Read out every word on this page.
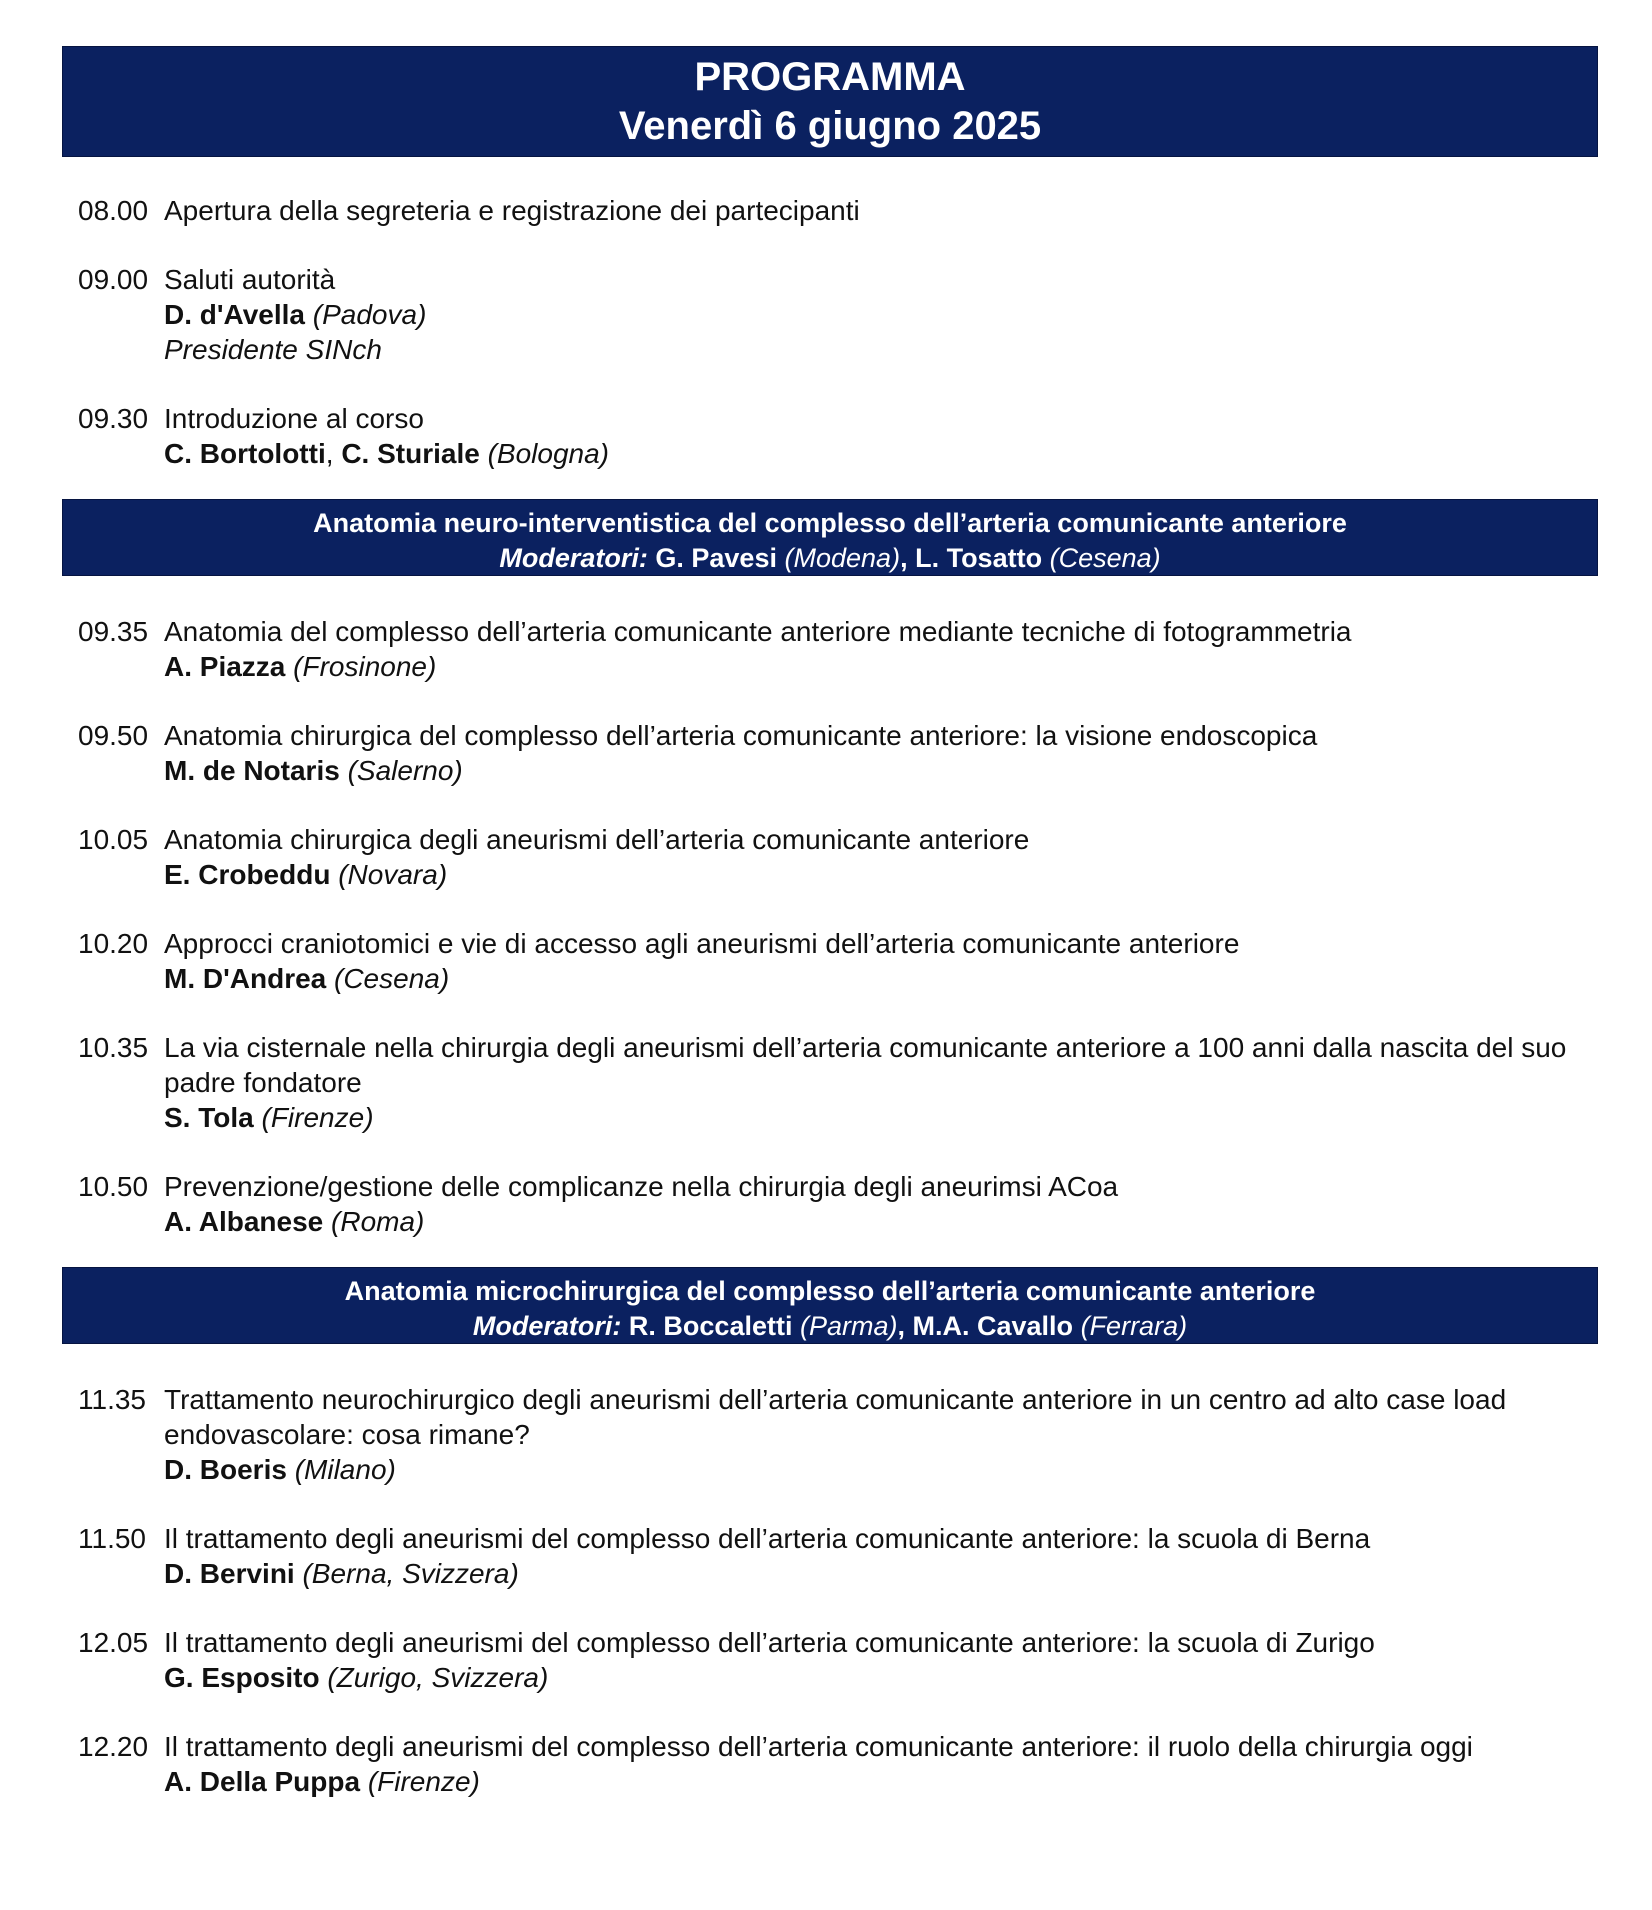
PROGRAMMA
Venerdì 6 giugno 2025
08.00 Apertura della segreteria e registrazione dei partecipanti
09.00 Saluti autorità
D. d'Avella (Padova)
Presidente SINch
09.30 Introduzione al corso
C. Bortolotti, C. Sturiale (Bologna)
Anatomia neuro-interventistica del complesso dell’arteria comunicante anteriore
Moderatori: G. Pavesi (Modena), L. Tosatto (Cesena)
09.35 Anatomia del complesso dell’arteria comunicante anteriore mediante tecniche di fotogrammetria
A. Piazza (Frosinone)
09.50 Anatomia chirurgica del complesso dell’arteria comunicante anteriore: la visione endoscopica
M. de Notaris (Salerno)
10.05 Anatomia chirurgica degli aneurismi dell’arteria comunicante anteriore
E. Crobeddu (Novara)
10.20 Approcci craniotomici e vie di accesso agli aneurismi dell’arteria comunicante anteriore
M. D'Andrea (Cesena)
10.35 La via cisternale nella chirurgia degli aneurismi dell’arteria comunicante anteriore a 100 anni dalla nascita del suo padre fondatore
S. Tola (Firenze)
10.50 Prevenzione/gestione delle complicanze nella chirurgia degli aneurimsi ACoa
A. Albanese (Roma)
Anatomia microchirurgica del complesso dell’arteria comunicante anteriore
Moderatori: R. Boccaletti (Parma), M.A. Cavallo (Ferrara)
11.35 Trattamento neurochirurgico degli aneurismi dell’arteria comunicante anteriore in un centro ad alto case load endovascolare: cosa rimane?
D. Boeris (Milano)
11.50 Il trattamento degli aneurismi del complesso dell’arteria comunicante anteriore: la scuola di Berna
D. Bervini (Berna, Svizzera)
12.05 Il trattamento degli aneurismi del complesso dell’arteria comunicante anteriore: la scuola di Zurigo
G. Esposito (Zurigo, Svizzera)
12.20 Il trattamento degli aneurismi del complesso dell’arteria comunicante anteriore: il ruolo della chirurgia oggi
A. Della Puppa (Firenze)
